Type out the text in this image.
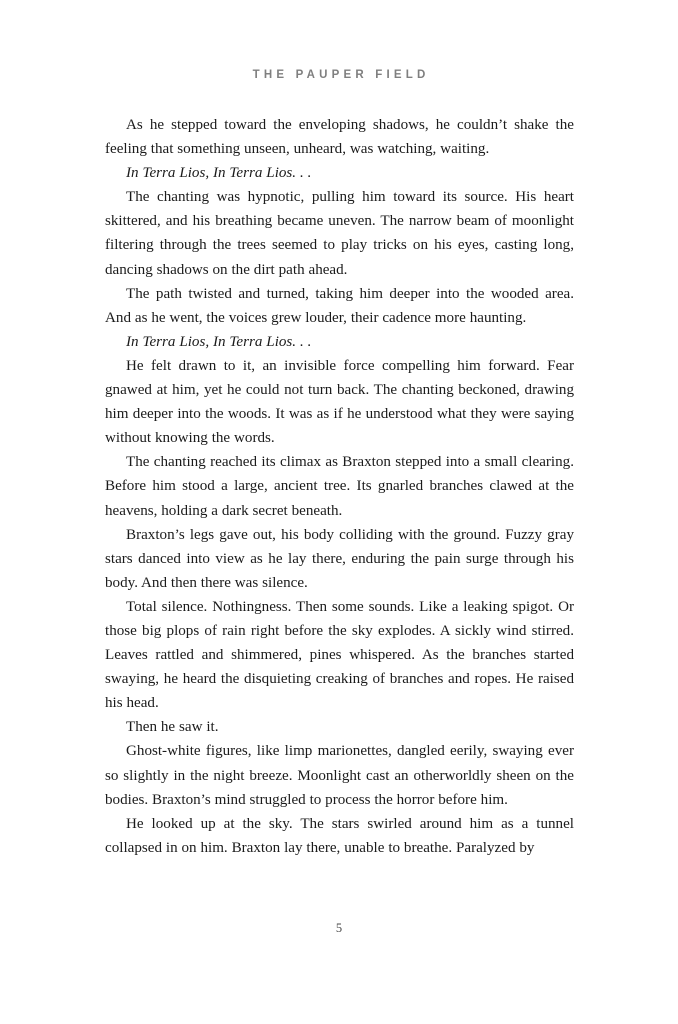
THE PAUPER FIELD

As he stepped toward the enveloping shadows, he couldn’t shake the feeling that something unseen, unheard, was watching, waiting.

In Terra Lios, In Terra Lios. . .

The chanting was hypnotic, pulling him toward its source. His heart skittered, and his breathing became uneven. The narrow beam of moonlight filtering through the trees seemed to play tricks on his eyes, casting long, dancing shadows on the dirt path ahead.

The path twisted and turned, taking him deeper into the wooded area. And as he went, the voices grew louder, their cadence more haunting.

In Terra Lios, In Terra Lios. . .

He felt drawn to it, an invisible force compelling him forward. Fear gnawed at him, yet he could not turn back. The chanting beckoned, drawing him deeper into the woods. It was as if he understood what they were saying without knowing the words.

The chanting reached its climax as Braxton stepped into a small clearing. Before him stood a large, ancient tree. Its gnarled branches clawed at the heavens, holding a dark secret beneath.

Braxton’s legs gave out, his body colliding with the ground. Fuzzy gray stars danced into view as he lay there, enduring the pain surge through his body. And then there was silence.

Total silence. Nothingness. Then some sounds. Like a leaking spigot. Or those big plops of rain right before the sky explodes. A sickly wind stirred. Leaves rattled and shimmered, pines whispered. As the branches started swaying, he heard the disquieting creaking of branches and ropes. He raised his head.

Then he saw it.

Ghost-white figures, like limp marionettes, dangled eerily, swaying ever so slightly in the night breeze. Moonlight cast an otherworldly sheen on the bodies. Braxton’s mind struggled to process the horror before him.

He looked up at the sky. The stars swirled around him as a tunnel collapsed in on him. Braxton lay there, unable to breathe. Paralyzed by

5
